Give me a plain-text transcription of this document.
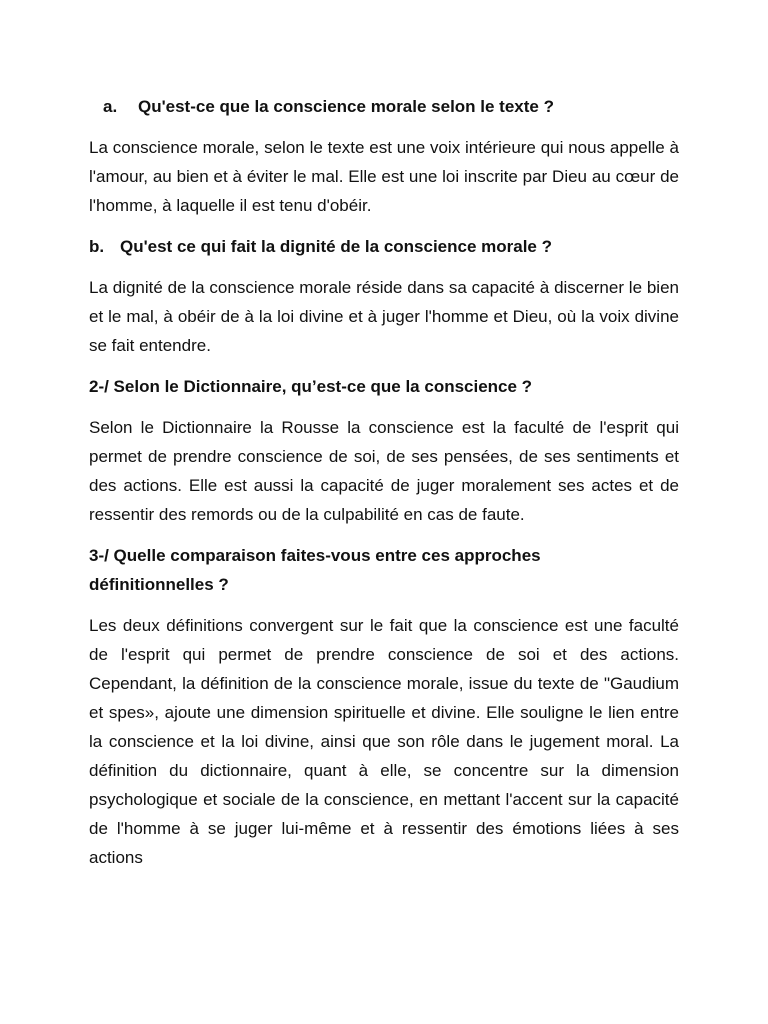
a.	Qu'est-ce que la conscience morale selon le texte ?

La conscience morale, selon le texte est une voix intérieure qui nous appelle à l'amour, au bien et à éviter le mal. Elle est une loi inscrite par Dieu au cœur de l'homme, à laquelle il est tenu d'obéir.

b. Qu'est ce qui fait la dignité de la conscience morale ?

La dignité de la conscience morale réside dans sa capacité à discerner le bien et le mal, à obéir de à la loi divine et à juger l'homme et Dieu, où la voix divine se fait entendre.

2-/ Selon le Dictionnaire, qu’est-ce que la conscience ?

Selon le Dictionnaire la Rousse la conscience est la faculté de l'esprit qui permet de prendre conscience de soi, de ses pensées, de ses sentiments et des actions. Elle est aussi la capacité de juger moralement ses actes et de ressentir des remords ou de la culpabilité en cas de faute.

3-/ Quelle comparaison faites-vous entre ces approches définitionnelles ?

Les deux définitions convergent sur le fait que la conscience est une faculté de l'esprit qui permet de prendre conscience de soi et des actions. Cependant, la définition de la conscience morale, issue du texte de "Gaudium et spes», ajoute une dimension spirituelle et divine. Elle souligne le lien entre la conscience et la loi divine, ainsi que son rôle dans le jugement moral. La définition du dictionnaire, quant à elle, se concentre sur la dimension psychologique et sociale de la conscience, en mettant l'accent sur la capacité de l'homme à se juger lui-même et à ressentir des émotions liées à ses actions
